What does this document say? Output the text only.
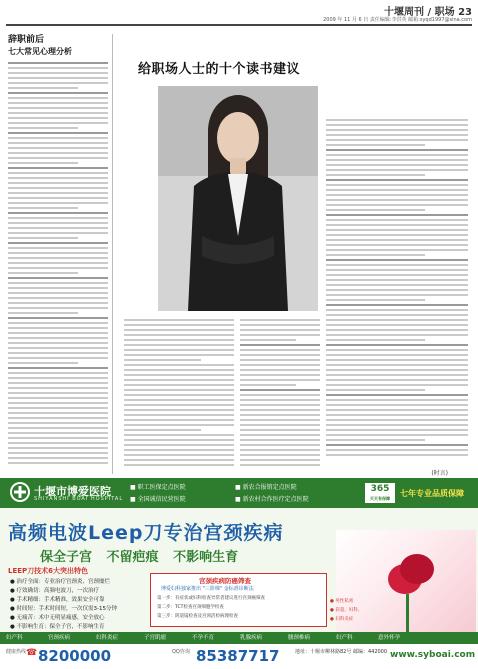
十堰周刊 / 职场 23
2009 年 11 月 6 日 责任编辑:李洪英 邮箱:syqd1997@sina.com
辞职前后
七大常见心理分析
给职场人士的十个读书建议
(时言)
十堰市博爱医院
SHIYANSHI BOAI HOSPITAL
■ 职工医保定点医院
■ 全国诚信民营医院
■ 新农合报销定点医院
■ 新农村合作医疗定点医院
365
天天有保障
七年专业品质保障
高频电波Leep刀专治宫颈疾病
保全子宫 不留疤痕 不影响生育
LEEP刀技术6大突出特色
● 治疗全面：专业治疗宫颈炎、宫颈糜烂
● 疗效确切：高频电波刀，一次治疗
● 手术精细：手术精准，效果安全可靠
● 时间短：手术时间短，一次仅需3-15分钟
● 无痛苦：术中无明显痛感，安全放心
● 不影响生育：保全子宫，不影响生育
宫颈疾病防癌筛查
博爱妇科独家推出 "三阶梯" 金标准诊断法
第一步：有症状或妇科检查异常者建议进行宫颈癌筛查
第二步：TCT检查宫颈细胞学检查
第三步：阴道镜检查及宫颈活检病理检查
● 男性私密
● 彩超、妇科、
● 妇科炎症
妇产科	宫颈疾病	妇科炎症	子宫肌瘤	不孕不育	乳腺疾病	腰颈椎病	妇产科	意外怀孕
健康热线 ☎ 8200000	QQ咨询 85387717	地址：十堰市柳林路82号 邮编：442000 www.syboai.com
